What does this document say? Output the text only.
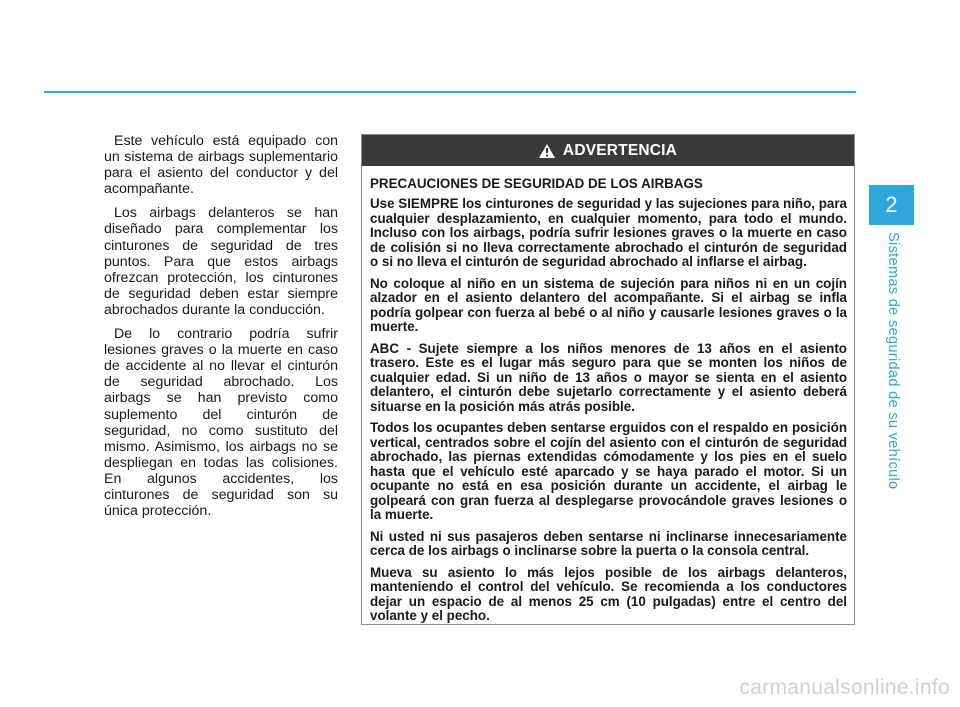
Este vehículo está equipado con un sistema de airbags suplementario para el asiento del conductor y del acompañante.

Los airbags delanteros se han diseñado para complementar los cinturones de seguridad de tres puntos. Para que estos airbags ofrezcan protección, los cinturones de seguridad deben estar siempre abrochados durante la conducción.

De lo contrario podría sufrir lesiones graves o la muerte en caso de accidente al no llevar el cinturón de seguridad abrochado. Los airbags se han previsto como suplemento del cinturón de seguridad, no como sustituto del mismo. Asimismo, los airbags no se despliegan en todas las colisiones. En algunos accidentes, los cinturones de seguridad son su única protección.

ADVERTENCIA

PRECAUCIONES DE SEGURIDAD DE LOS AIRBAGS

Use SIEMPRE los cinturones de seguridad y las sujeciones para niño, para cualquier desplazamiento, en cualquier momento, para todo el mundo. Incluso con los airbags, podría sufrir lesiones graves o la muerte en caso de colisión si no lleva correctamente abrochado el cinturón de seguridad o si no lleva el cinturón de seguridad abrochado al inflarse el airbag.

No coloque al niño en un sistema de sujeción para niños ni en un cojín alzador en el asiento delantero del acompañante. Si el airbag se infla podría golpear con fuerza al bebé o al niño y causarle lesiones graves o la muerte.

ABC - Sujete siempre a los niños menores de 13 años en el asiento trasero. Este es el lugar más seguro para que se monten los niños de cualquier edad. Si un niño de 13 años o mayor se sienta en el asiento delantero, el cinturón debe sujetarlo correctamente y el asiento deberá situarse en la posición más atrás posible.

Todos los ocupantes deben sentarse erguidos con el respaldo en posición vertical, centrados sobre el cojín del asiento con el cinturón de seguridad abrochado, las piernas extendidas cómodamente y los pies en el suelo hasta que el vehículo esté aparcado y se haya parado el motor. Si un ocupante no está en esa posición durante un accidente, el airbag le golpeará con gran fuerza al desplegarse provocándole graves lesiones o la muerte.

Ni usted ni sus pasajeros deben sentarse ni inclinarse innecesariamente cerca de los airbags o inclinarse sobre la puerta o la consola central.

Mueva su asiento lo más lejos posible de los airbags delanteros, manteniendo el control del vehículo. Se recomienda a los conductores dejar un espacio de al menos 25 cm (10 pulgadas) entre el centro del volante y el pecho.

2
Sistemas de seguridad de su vehículo
carmanualsonline.info
